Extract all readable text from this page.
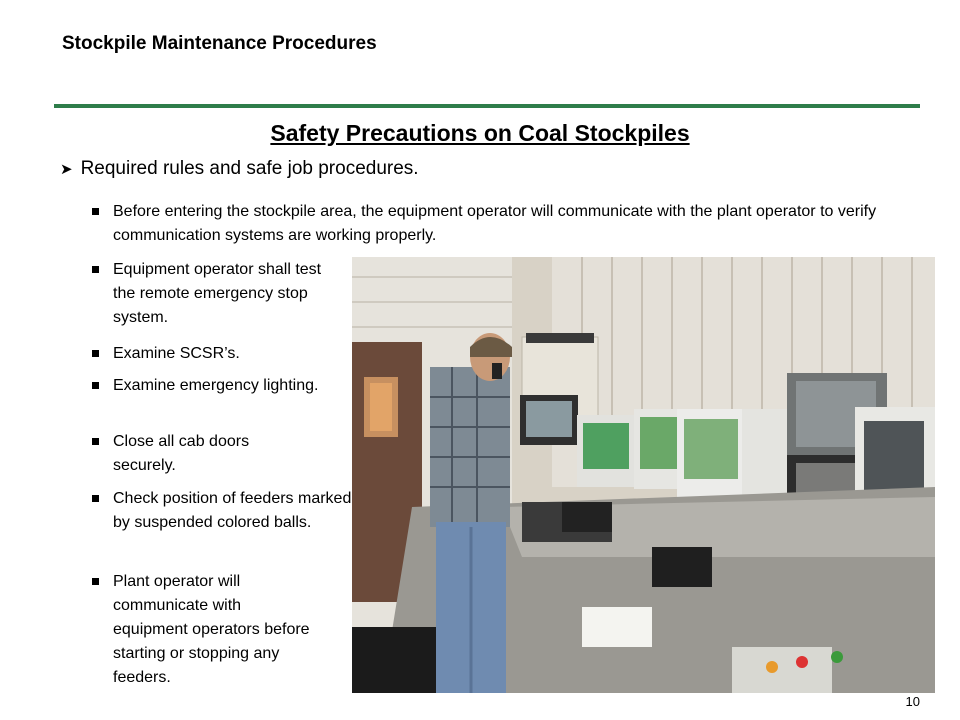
Stockpile Maintenance Procedures
Safety Precautions on Coal Stockpiles
➤ Required rules and safe job procedures.
Before entering the stockpile area, the equipment operator will communicate with the plant operator to verify communication systems are working properly.
Equipment operator shall test the remote emergency stop system.
Examine SCSR’s.
Examine emergency lighting.
Close all cab doors securely.
Check position of feeders marked by suspended colored balls.
Plant operator will communicate with equipment operators before starting or stopping any feeders.
10
